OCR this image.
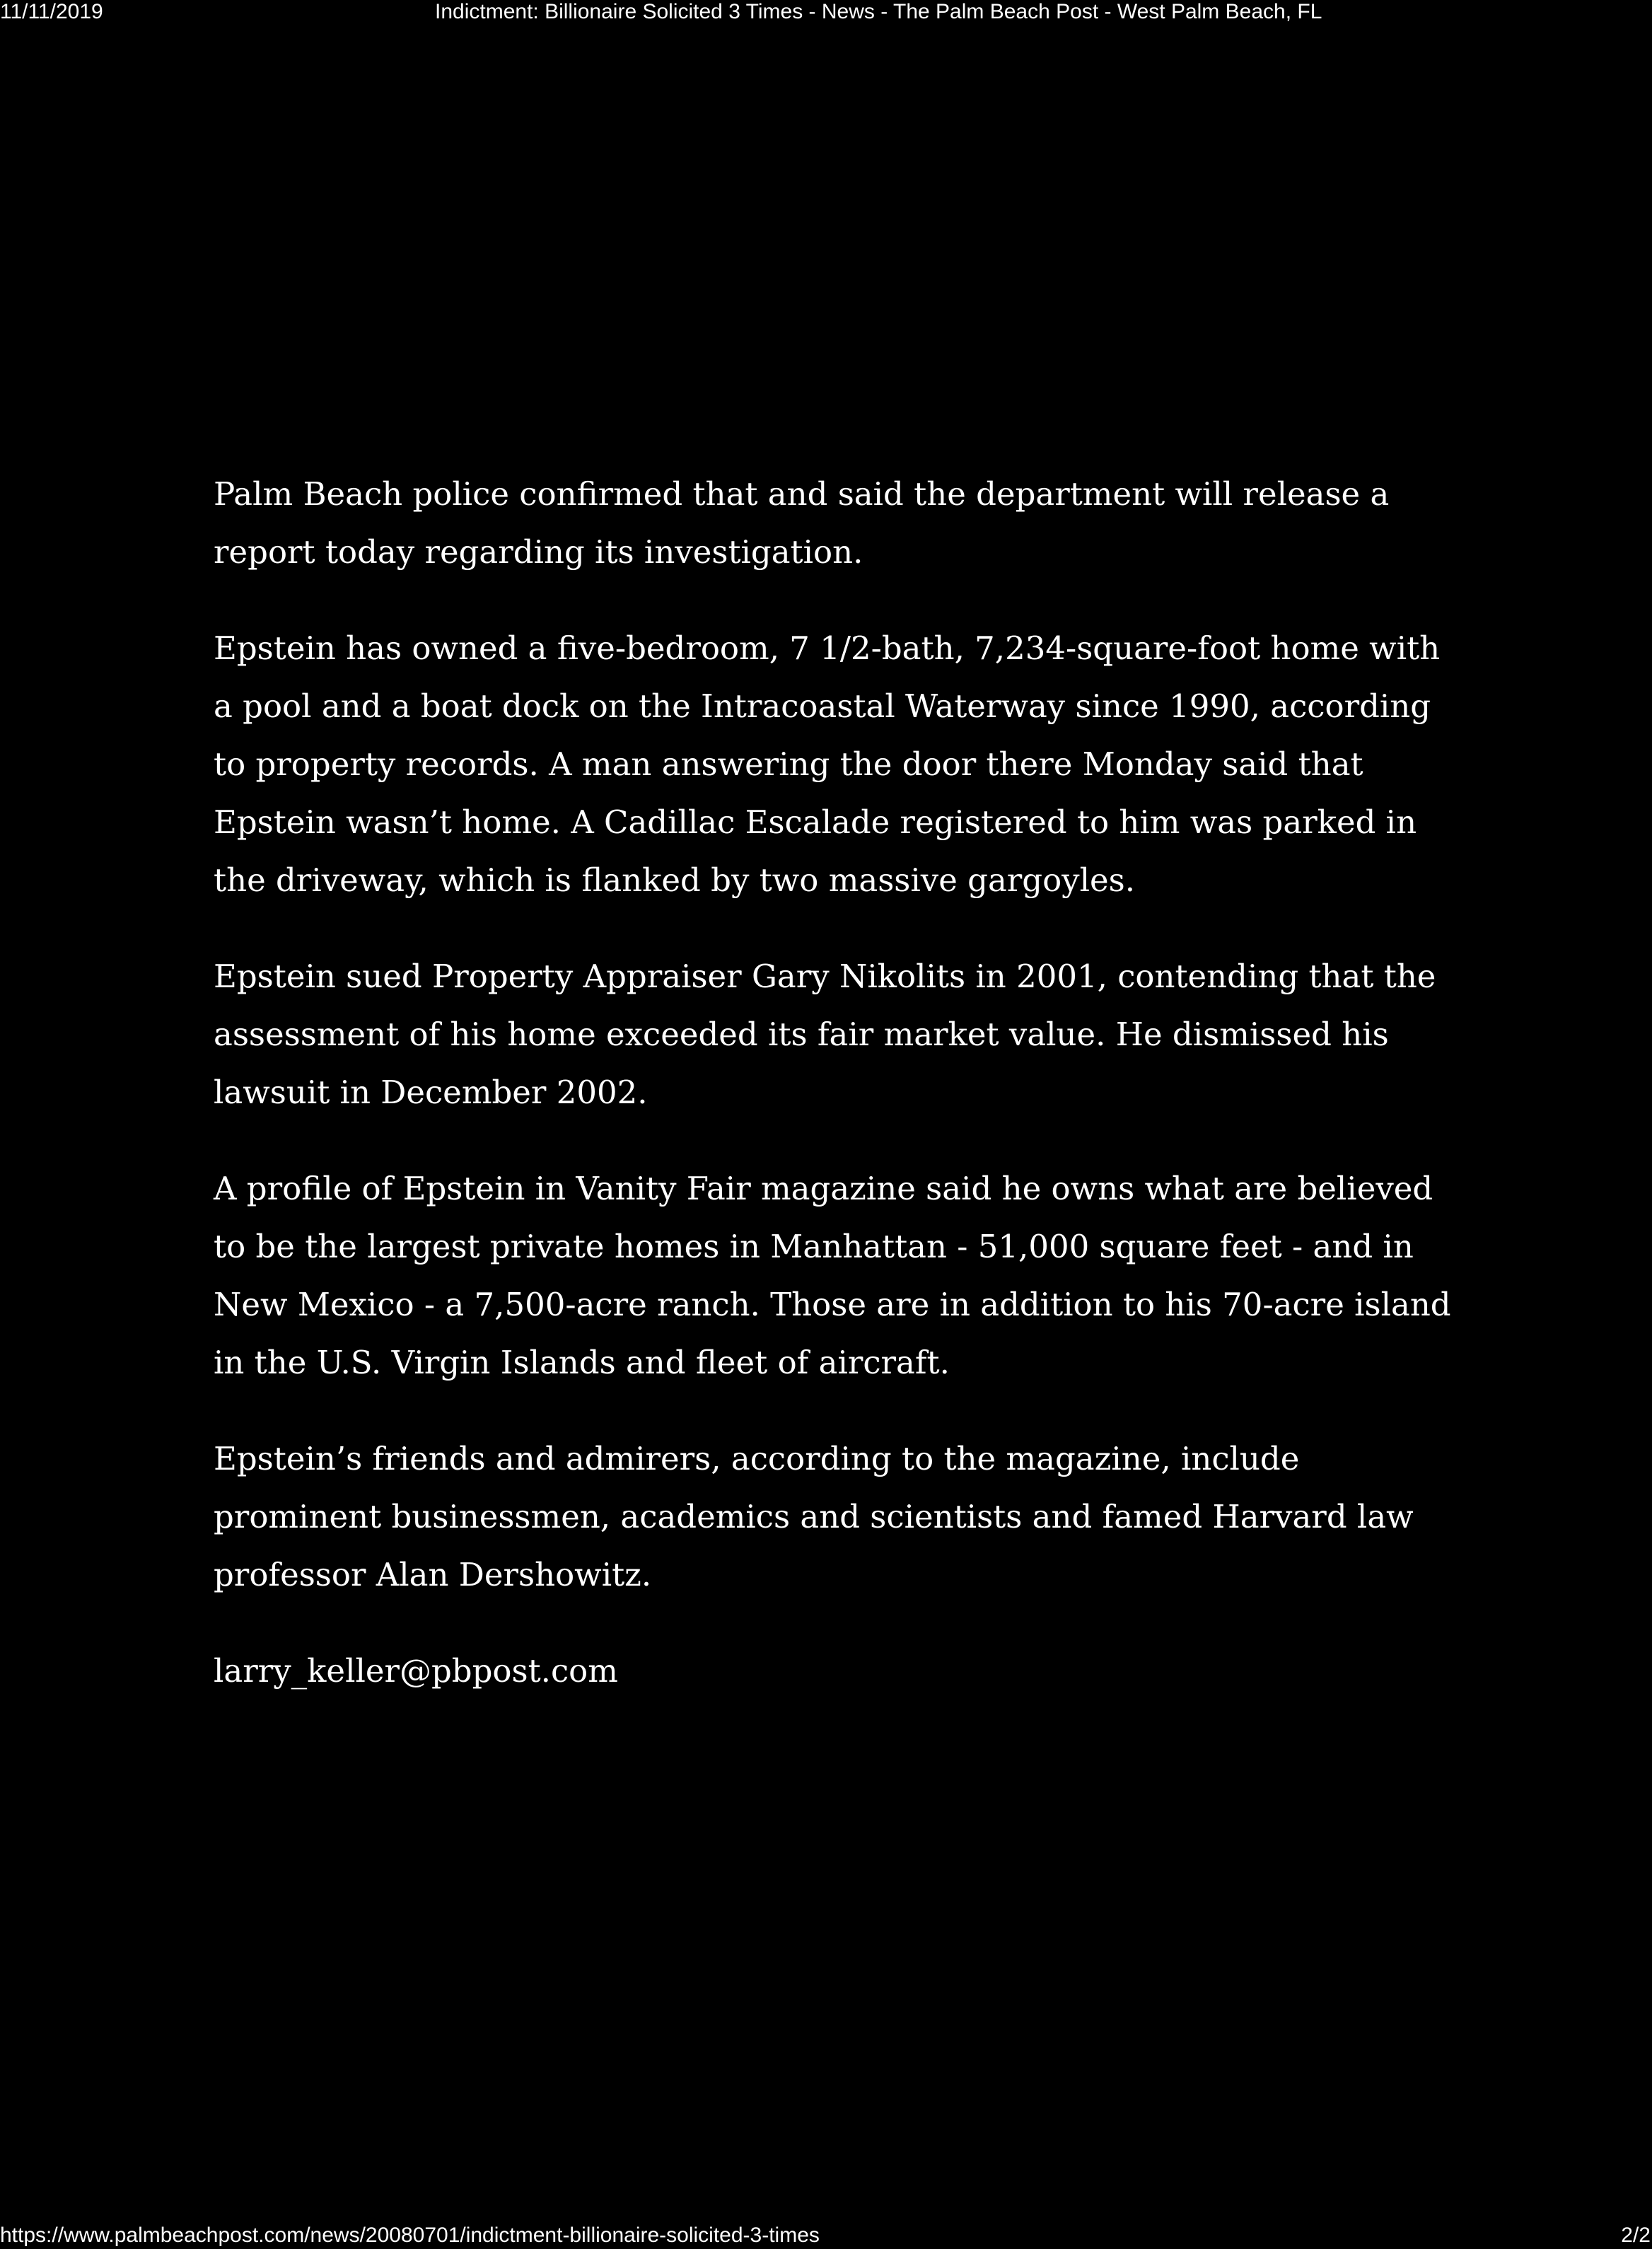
11/11/2019	Indictment: Billionaire Solicited 3 Times - News - The Palm Beach Post - West Palm Beach, FL

Palm Beach police confirmed that and said the department will release a report today regarding its investigation.

Epstein has owned a five-bedroom, 7 1/2-bath, 7,234-square-foot home with a pool and a boat dock on the Intracoastal Waterway since 1990, according to property records. A man answering the door there Monday said that Epstein wasn’t home. A Cadillac Escalade registered to him was parked in the driveway, which is flanked by two massive gargoyles.

Epstein sued Property Appraiser Gary Nikolits in 2001, contending that the assessment of his home exceeded its fair market value. He dismissed his lawsuit in December 2002.

A profile of Epstein in Vanity Fair magazine said he owns what are believed to be the largest private homes in Manhattan - 51,000 square feet - and in New Mexico - a 7,500-acre ranch. Those are in addition to his 70-acre island in the U.S. Virgin Islands and fleet of aircraft.

Epstein’s friends and admirers, according to the magazine, include prominent businessmen, academics and scientists and famed Harvard law professor Alan Dershowitz.

larry_keller@pbpost.com

https://www.palmbeachpost.com/news/20080701/indictment-billionaire-solicited-3-times	2/2
